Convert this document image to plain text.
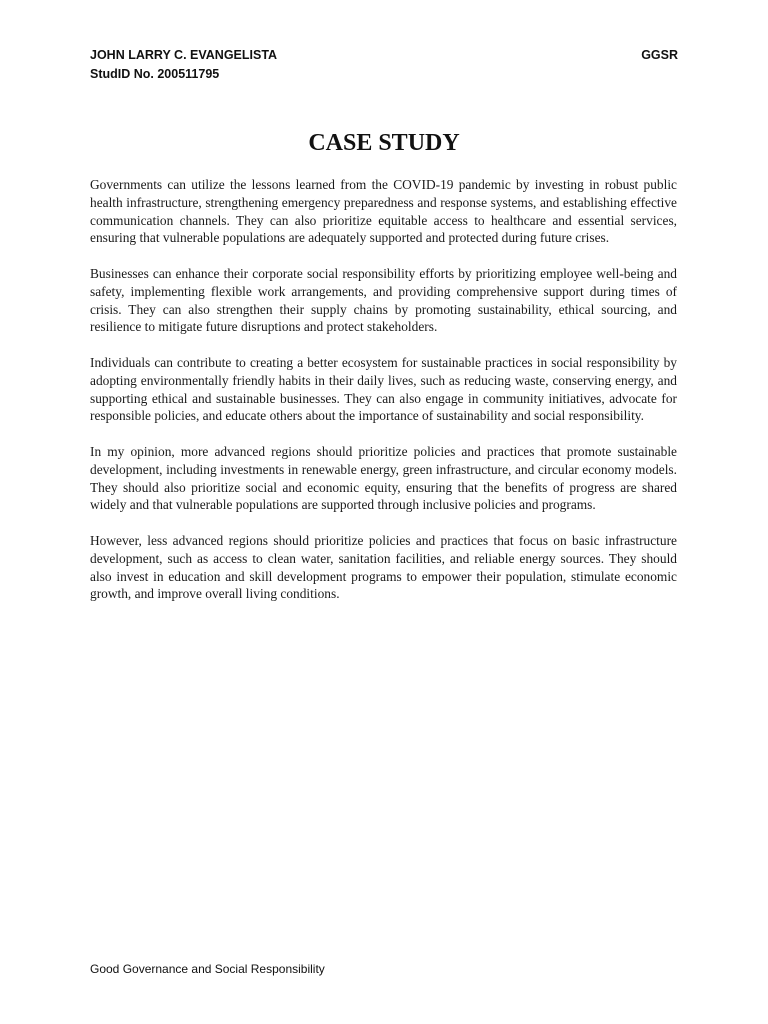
JOHN LARRY C. EVANGELISTA
StudID No. 200511795
GGSR
CASE STUDY

Governments can utilize the lessons learned from the COVID-19 pandemic by investing in robust public health infrastructure, strengthening emergency preparedness and response systems, and establishing effective communication channels. They can also prioritize equitable access to healthcare and essential services, ensuring that vulnerable populations are adequately supported and protected during future crises.

Businesses can enhance their corporate social responsibility efforts by prioritizing employee well-being and safety, implementing flexible work arrangements, and providing comprehensive support during times of crisis. They can also strengthen their supply chains by promoting sustainability, ethical sourcing, and resilience to mitigate future disruptions and protect stakeholders.

Individuals can contribute to creating a better ecosystem for sustainable practices in social responsibility by adopting environmentally friendly habits in their daily lives, such as reducing waste, conserving energy, and supporting ethical and sustainable businesses. They can also engage in community initiatives, advocate for responsible policies, and educate others about the importance of sustainability and social responsibility.

In my opinion, more advanced regions should prioritize policies and practices that promote sustainable development, including investments in renewable energy, green infrastructure, and circular economy models. They should also prioritize social and economic equity, ensuring that the benefits of progress are shared widely and that vulnerable populations are supported through inclusive policies and programs.

However, less advanced regions should prioritize policies and practices that focus on basic infrastructure development, such as access to clean water, sanitation facilities, and reliable energy sources. They should also invest in education and skill development programs to empower their population, stimulate economic growth, and improve overall living conditions.

Good Governance and Social Responsibility
